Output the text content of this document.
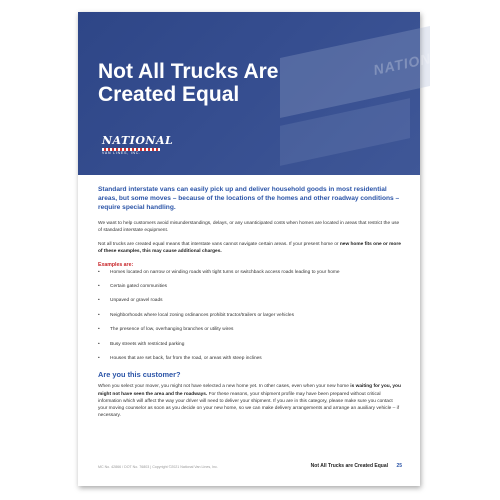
NATION
Not All Trucks Are
Created Equal
NATIONAL
VAN LINES, INC.

Standard interstate vans can easily pick up and deliver household goods in most residential areas, but some moves – because of the locations of the homes and other roadway conditions – require special handling.

We want to help customers avoid misunderstandings, delays, or any unanticipated costs when homes are located in areas that restrict the use of standard interstate equipment.

Not all trucks are created equal means that interstate vans cannot navigate certain areas. If your present home or new home fits one or more of these examples, this may cause additional charges.

Examples are:
• Homes located on narrow or winding roads with tight turns or switchback access roads leading to your home
• Certain gated communities
• Unpaved or gravel roads
• Neighborhoods where local zoning ordinances prohibit tractor/trailers or larger vehicles
• The presence of low, overhanging branches or utility wires
• Busy streets with restricted parking
• Houses that are set back, far from the road, or areas with steep inclines
Are you this customer?

When you select your mover, you might not have selected a new home yet. In other cases, even when your new home is waiting for you, you might not have seen the area and the roadways. For these reasons, your shipment profile may have been prepared without critical information which will affect the way your driver will need to deliver your shipment. If you are in this category, please make sure you contact your moving counselor as soon as you decide on your new home, so we can make delivery arrangements and arrange an auxiliary vehicle – if necessary.

MC No. 42866 / DOT No. 76803 | Copyright ©2021 National Van Lines, Inc.	Not All Trucks are Created Equal 25
